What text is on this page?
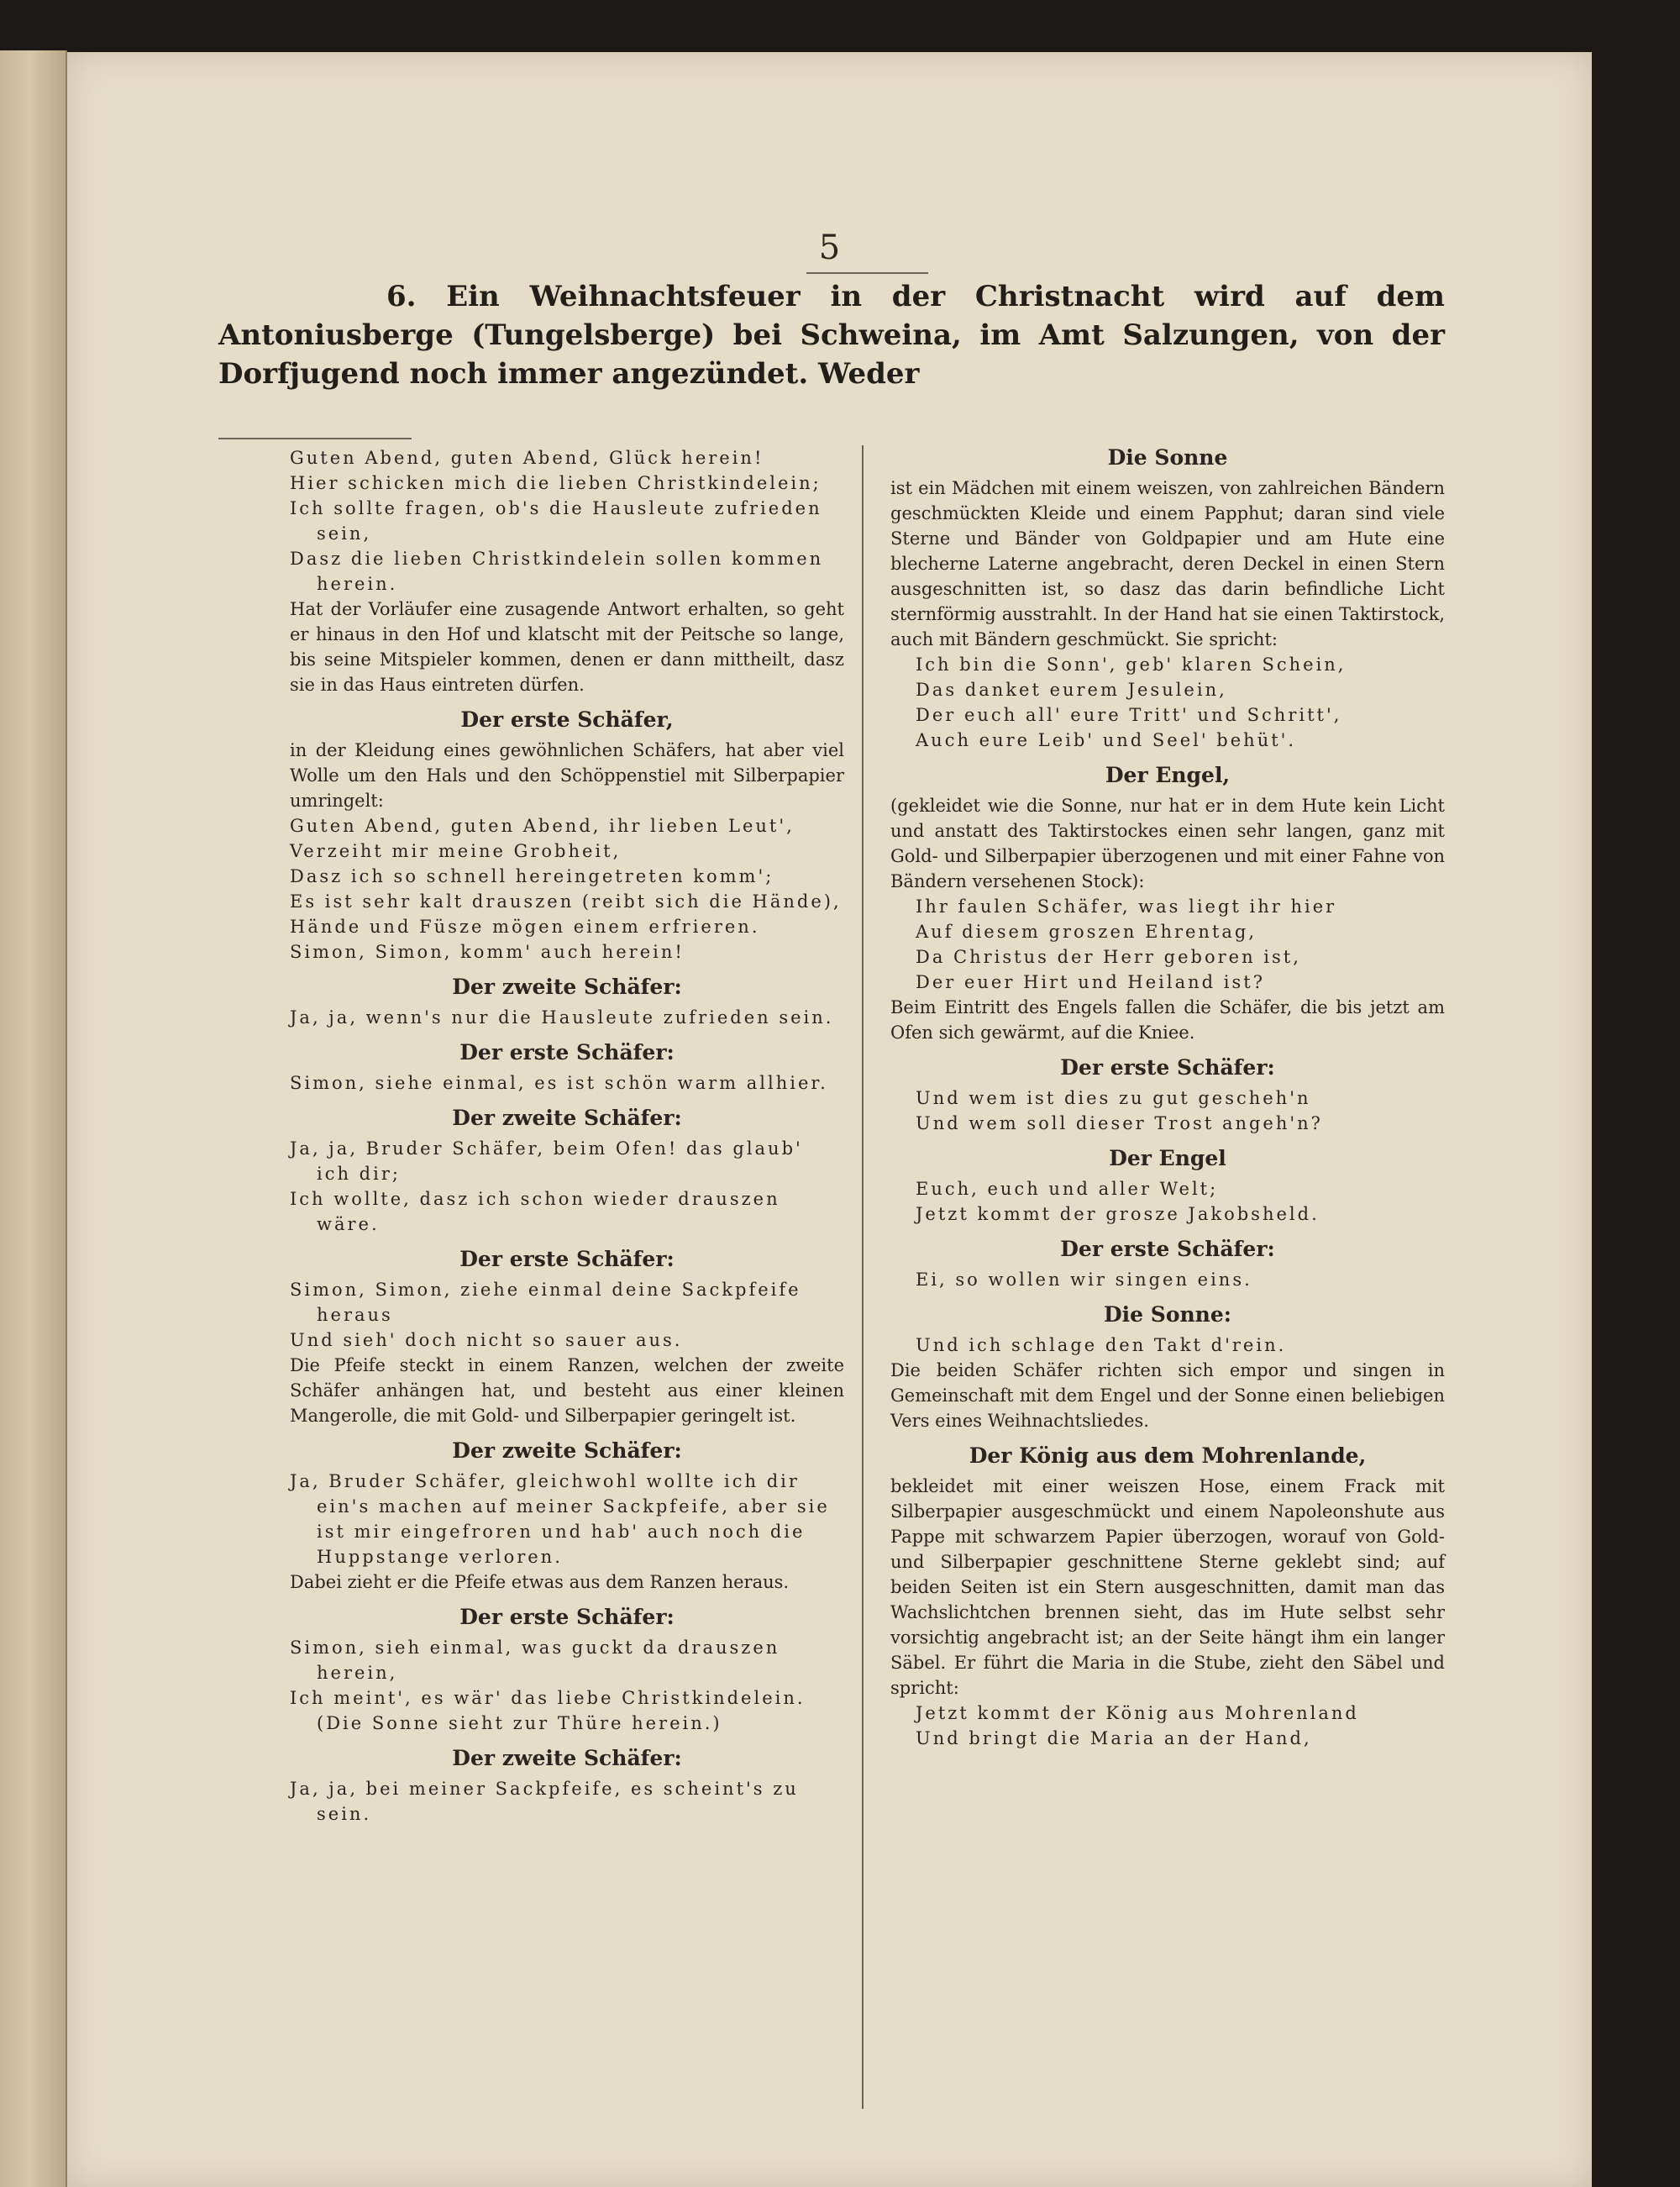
5
6. Ein Weihnachtsfeuer in der Christnacht wird auf dem Antoniusberge (Tungelsberge) bei Schweina, im Amt Salzungen, von der Dorfjugend noch immer angezündet. Weder
Guten Abend, guten Abend, Glück herein!
Hier schicken mich die lieben Christkindelein;
Ich sollte fragen, ob's die Hausleute zufrieden sein,
Dasz die lieben Christkindelein sollen kommen herein.
Hat der Vorläufer eine zusagende Antwort erhalten, so geht er hinaus in den Hof und klatscht mit der Peitsche so lange, bis seine Mitspieler kommen, denen er dann mittheilt, dasz sie in das Haus eintreten dürfen.
Der erste Schäfer,
in der Kleidung eines gewöhnlichen Schäfers, hat aber viel Wolle um den Hals und den Schöppenstiel mit Silberpapier umringelt:
Guten Abend, guten Abend, ihr lieben Leut',
Verzeiht mir meine Grobheit,
Dasz ich so schnell hereingetreten komm';
Es ist sehr kalt drauszen (reibt sich die Hände),
Hände und Füsze mögen einem erfrieren.
Simon, Simon, komm' auch herein!
Der zweite Schäfer:
Ja, ja, wenn's nur die Hausleute zufrieden sein.
Der erste Schäfer:
Simon, siehe einmal, es ist schön warm allhier.
Der zweite Schäfer:
Ja, ja, Bruder Schäfer, beim Ofen! das glaub' ich dir;
Ich wollte, dasz ich schon wieder drauszen wäre.
Der erste Schäfer:
Simon, Simon, ziehe einmal deine Sackpfeife heraus
Und sieh' doch nicht so sauer aus.
Die Pfeife steckt in einem Ranzen, welchen der zweite Schäfer anhängen hat, und besteht aus einer kleinen Mangerolle, die mit Gold- und Silberpapier geringelt ist.
Der zweite Schäfer:
Ja, Bruder Schäfer, gleichwohl wollte ich dir ein's machen auf meiner Sackpfeife, aber sie ist mir eingefroren und hab' auch noch die Huppstange verloren.
Dabei zieht er die Pfeife etwas aus dem Ranzen heraus.
Der erste Schäfer:
Simon, sieh einmal, was guckt da drauszen herein,
Ich meint', es wär' das liebe Christkindelein. (Die Sonne sieht zur Thüre herein.)
Der zweite Schäfer:
Ja, ja, bei meiner Sackpfeife, es scheint's zu sein.
Die Sonne
ist ein Mädchen mit einem weiszen, von zahlreichen Bändern geschmückten Kleide und einem Papphut; daran sind viele Sterne und Bänder von Goldpapier und am Hute eine blecherne Laterne angebracht, deren Deckel in einen Stern ausgeschnitten ist, so dasz das darin befindliche Licht sternförmig ausstrahlt. In der Hand hat sie einen Taktirstock, auch mit Bändern geschmückt. Sie spricht:
Ich bin die Sonn', geb' klaren Schein,
Das danket eurem Jesulein,
Der euch all' eure Tritt' und Schritt',
Auch eure Leib' und Seel' behüt'.
Der Engel,
(gekleidet wie die Sonne, nur hat er in dem Hute kein Licht und anstatt des Taktirstockes einen sehr langen, ganz mit Gold- und Silberpapier überzogenen und mit einer Fahne von Bändern versehenen Stock):
Ihr faulen Schäfer, was liegt ihr hier
Auf diesem groszen Ehrentag,
Da Christus der Herr geboren ist,
Der euer Hirt und Heiland ist?
Beim Eintritt des Engels fallen die Schäfer, die bis jetzt am Ofen sich gewärmt, auf die Kniee.
Der erste Schäfer:
Und wem ist dies zu gut gescheh'n
Und wem soll dieser Trost angeh'n?
Der Engel
Euch, euch und aller Welt;
Jetzt kommt der grosze Jakobsheld.
Der erste Schäfer:
Ei, so wollen wir singen eins.
Die Sonne:
Und ich schlage den Takt d'rein.
Die beiden Schäfer richten sich empor und singen in Gemeinschaft mit dem Engel und der Sonne einen beliebigen Vers eines Weihnachtsliedes.
Der König aus dem Mohrenlande,
bekleidet mit einer weiszen Hose, einem Frack mit Silberpapier ausgeschmückt und einem Napoleonshute aus Pappe mit schwarzem Papier überzogen, worauf von Gold- und Silberpapier geschnittene Sterne geklebt sind; auf beiden Seiten ist ein Stern ausgeschnitten, damit man das Wachslichtchen brennen sieht, das im Hute selbst sehr vorsichtig angebracht ist; an der Seite hängt ihm ein langer Säbel. Er führt die Maria in die Stube, zieht den Säbel und spricht:
Jetzt kommt der König aus Mohrenland
Und bringt die Maria an der Hand,
